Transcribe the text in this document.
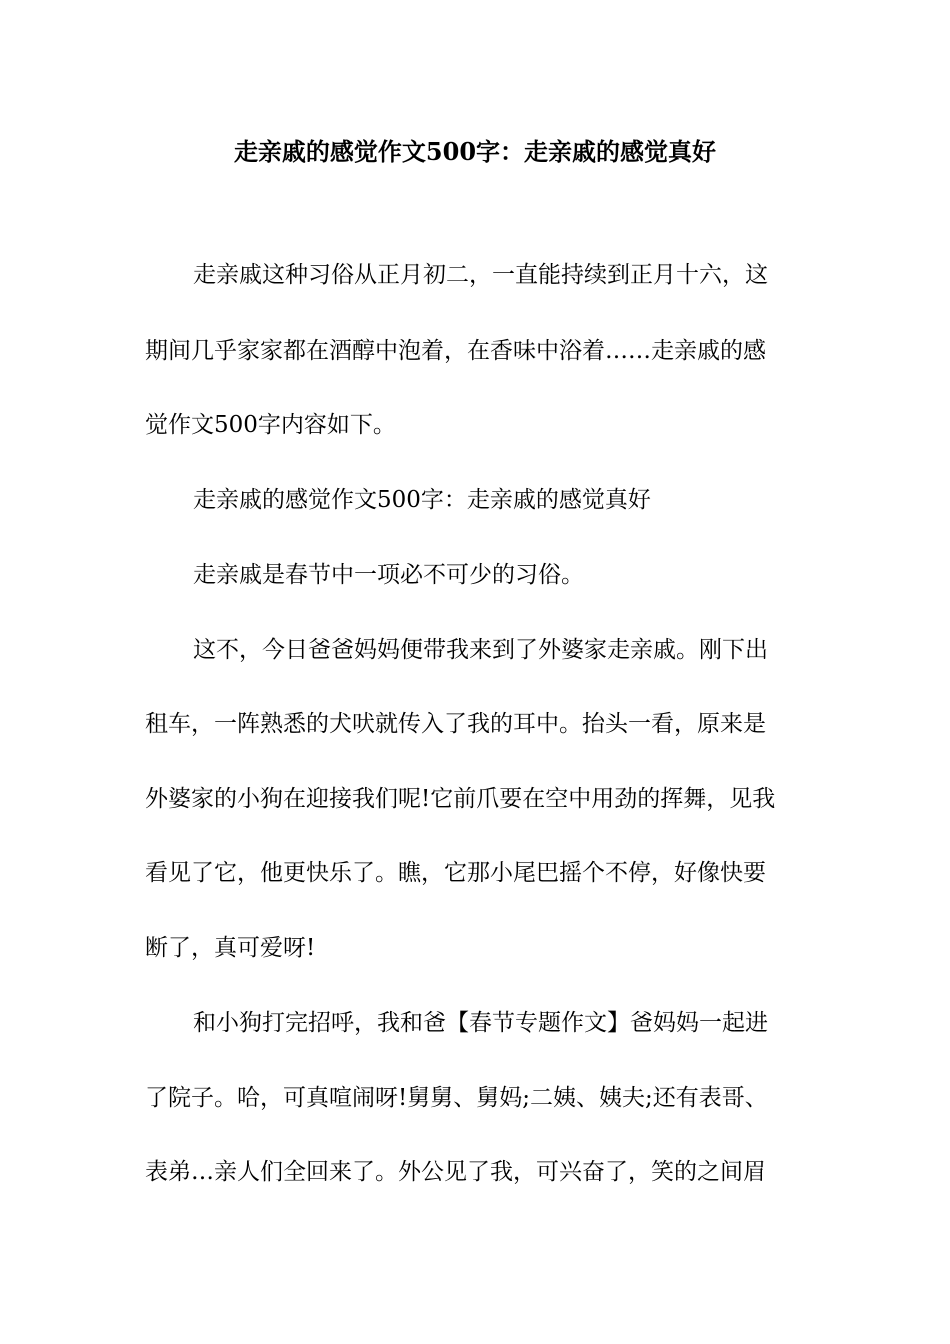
走亲戚的感觉作文500字：走亲戚的感觉真好

走亲戚这种习俗从正月初二，一直能持续到正月十六，这

期间几乎家家都在酒醇中泡着，在香味中浴着……走亲戚的感

觉作文500字内容如下。

走亲戚的感觉作文500字：走亲戚的感觉真好

走亲戚是春节中一项必不可少的习俗。

这不，今日爸爸妈妈便带我来到了外婆家走亲戚。刚下出

租车，一阵熟悉的犬吠就传入了我的耳中。抬头一看，原来是

外婆家的小狗在迎接我们呢!它前爪要在空中用劲的挥舞，见我

看见了它，他更快乐了。瞧，它那小尾巴摇个不停，好像快要

断了，真可爱呀!

和小狗打完招呼，我和爸【春节专题作文】爸妈妈一起进

了院子。哈，可真喧闹呀!舅舅、舅妈;二姨、姨夫;还有表哥、

表弟…亲人们全回来了。外公见了我，可兴奋了，笑的之间眉
